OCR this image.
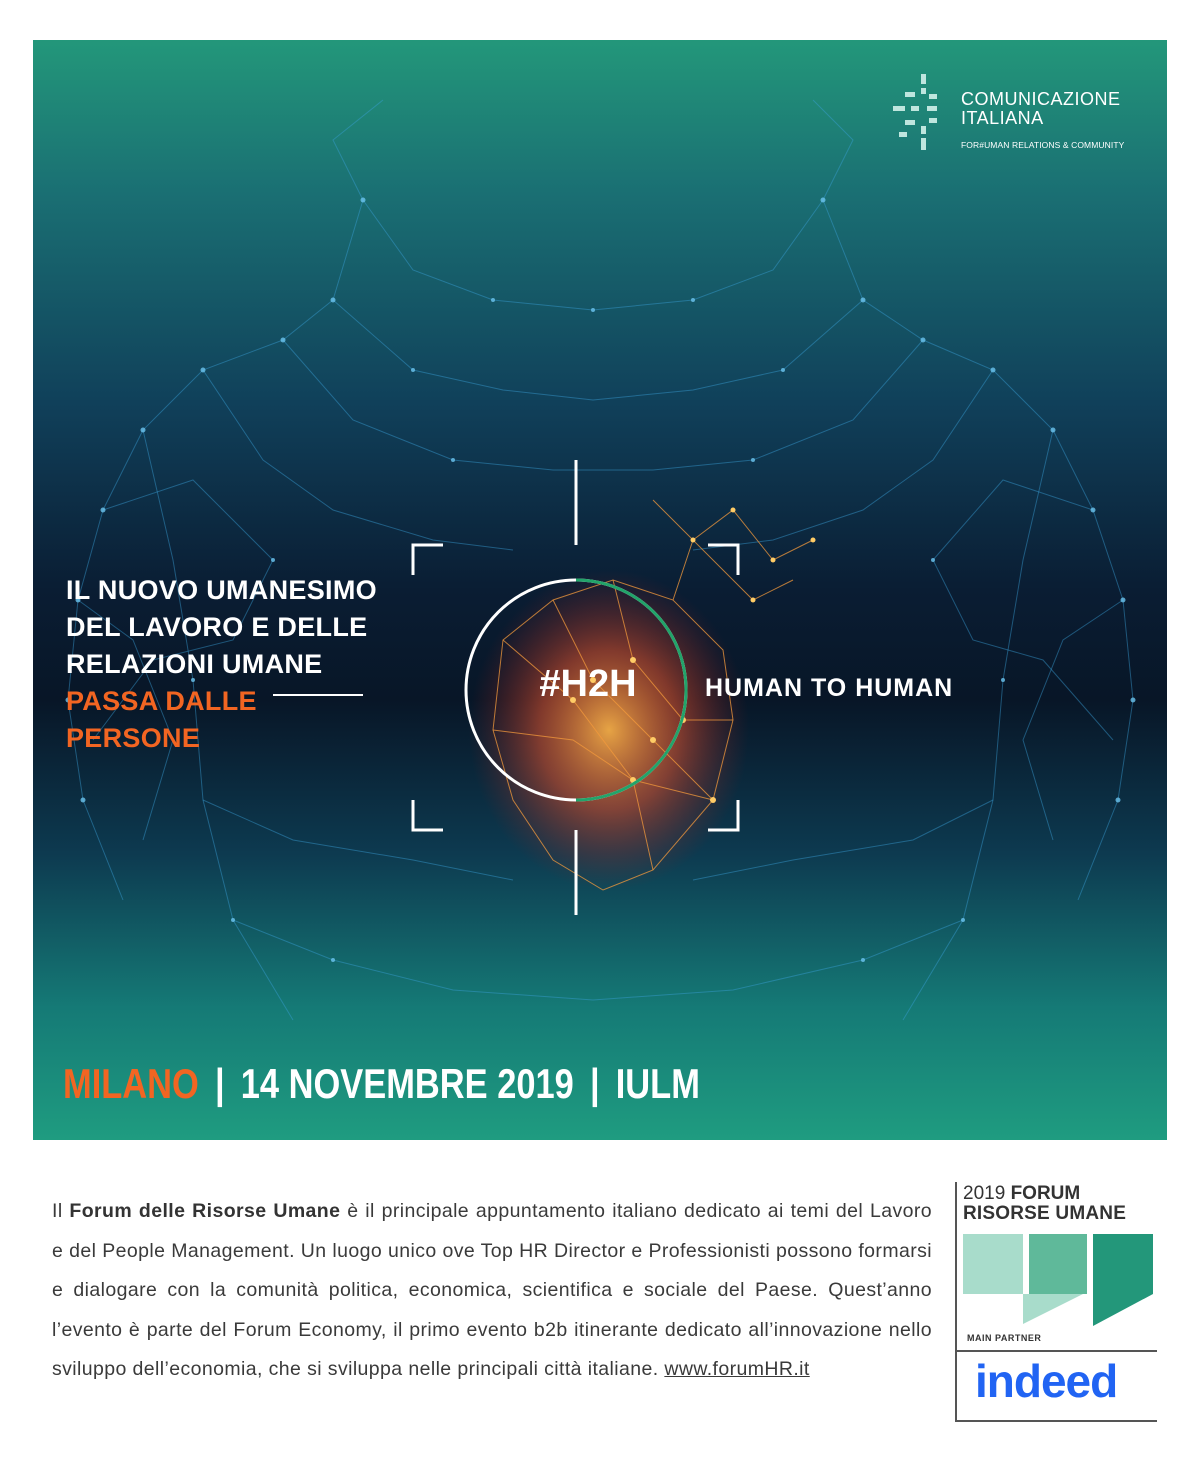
COMUNICAZIONE
ITALIANA
FOR#UMAN RELATIONS & COMMUNITY
IL NUOVO UMANESIMO
DEL LAVORO E DELLE
RELAZIONI UMANE
PASSA DALLE
PERSONE
#H2H	HUMAN TO HUMAN
MILANO | 14 NOVEMBRE 2019 | IULM
Il Forum delle Risorse Umane è il principale appuntamento italiano dedicato ai temi del Lavoro e del People Management. Un luogo unico ove Top HR Director e Professionisti possono formarsi e dialogare con la comunità politica, economica, scientifica e sociale del Paese. Quest’anno l’evento è parte del Forum Economy, il primo evento b2b itinerante dedicato all’innovazione nello sviluppo dell’economia, che si sviluppa nelle principali città italiane. www.forumHR.it
2019 FORUM
RISORSE UMANE
MAIN PARTNER
indeed
